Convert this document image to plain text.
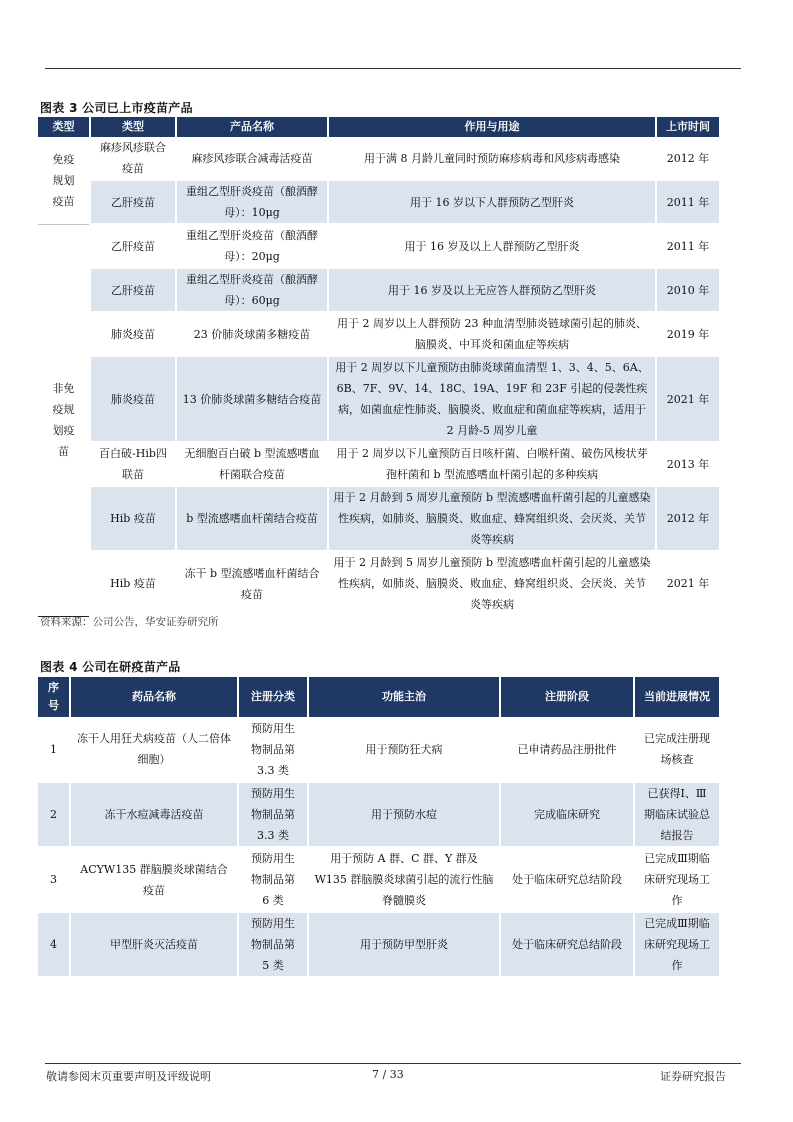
图表 3 公司已上市疫苗产品
类型	类型	产品名称	作用与用途	上市时间
免疫规划疫苗	麻疹风疹联合疫苗	麻疹风疹联合减毒活疫苗	用于满 8 月龄儿童同时预防麻疹病毒和风疹病毒感染	2012 年
	乙肝疫苗	重组乙型肝炎疫苗（酿酒酵母）：10μg	用于 16 岁以下人群预防乙型肝炎	2011 年
非免疫规划疫苗	乙肝疫苗	重组乙型肝炎疫苗（酿酒酵母）：20μg	用于 16 岁及以上人群预防乙型肝炎	2011 年
	乙肝疫苗	重组乙型肝炎疫苗（酿酒酵母）：60μg	用于 16 岁及以上无应答人群预防乙型肝炎	2010 年
	肺炎疫苗	23 价肺炎球菌多糖疫苗	用于 2 周岁以上人群预防 23 种血清型肺炎链球菌引起的肺炎、脑膜炎、中耳炎和菌血症等疾病	2019 年
	肺炎疫苗	13 价肺炎球菌多糖结合疫苗	用于 2 周岁以下儿童预防由肺炎球菌血清型 1、3、4、5、6A、6B、7F、9V、14、18C、19A、19F 和 23F 引起的侵袭性疾病，如菌血症性肺炎、脑膜炎、败血症和菌血症等疾病，适用于 2 月龄-5 周岁儿童	2021 年
	百白破-Hib四联苗	无细胞百白破 b 型流感嗜血杆菌联合疫苗	用于 2 周岁以下儿童预防百日咳杆菌、白喉杆菌、破伤风梭状芽孢杆菌和 b 型流感嗜血杆菌引起的多种疾病	2013 年
	Hib 疫苗	b 型流感嗜血杆菌结合疫苗	用于 2 月龄到 5 周岁儿童预防 b 型流感嗜血杆菌引起的儿童感染性疾病，如肺炎、脑膜炎、败血症、蜂窝组织炎、会厌炎、关节炎等疾病	2012 年
	Hib 疫苗	冻干 b 型流感嗜血杆菌结合疫苗	用于 2 月龄到 5 周岁儿童预防 b 型流感嗜血杆菌引起的儿童感染性疾病，如肺炎、脑膜炎、败血症、蜂窝组织炎、会厌炎、关节炎等疾病	2021 年
资料来源：公司公告，华安证券研究所
图表 4 公司在研疫苗产品
序号	药品名称	注册分类	功能主治	注册阶段	当前进展情况
1	冻干人用狂犬病疫苗（人二倍体细胞）	预防用生物制品第 3.3 类	用于预防狂犬病	已申请药品注册批件	已完成注册现场核查
2	冻干水痘减毒活疫苗	预防用生物制品第 3.3 类	用于预防水痘	完成临床研究	已获得Ⅰ、Ⅲ期临床试验总结报告
3	ACYW135 群脑膜炎球菌结合疫苗	预防用生物制品第 6 类	用于预防 A 群、C 群、Y 群及 W135 群脑膜炎球菌引起的流行性脑脊髓膜炎	处于临床研究总结阶段	已完成Ⅲ期临床研究现场工作
4	甲型肝炎灭活疫苗	预防用生物制品第 5 类	用于预防甲型肝炎	处于临床研究总结阶段	已完成Ⅲ期临床研究现场工作
敬请参阅末页重要声明及评级说明	7 / 33	证券研究报告
